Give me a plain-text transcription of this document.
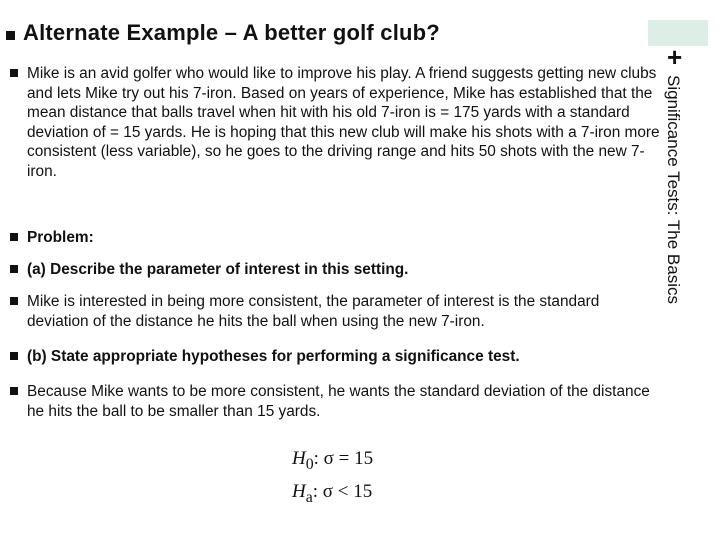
Alternate Example – A better golf club?
+
Significance Tests: The Basics
Mike is an avid golfer who would like to improve his play. A friend suggests getting new clubs and lets Mike try out his 7-iron. Based on years of experience, Mike has established that the mean distance that balls travel when hit with his old 7-iron is = 175 yards with a standard deviation of = 15 yards. He is hoping that this new club will make his shots with a 7-iron more consistent (less variable), so he goes to the driving range and hits 50 shots with the new 7-iron.
Problem:
(a) Describe the parameter of interest in this setting.
Mike is interested in being more consistent, the parameter of interest is the standard deviation of the distance he hits the ball when using the new 7-iron.
(b) State appropriate hypotheses for performing a significance test.
Because Mike wants to be more consistent, he wants the standard deviation of the distance he hits the ball to be smaller than 15 yards.
$H_0$: σ = 15
$H_a$: σ < 15
